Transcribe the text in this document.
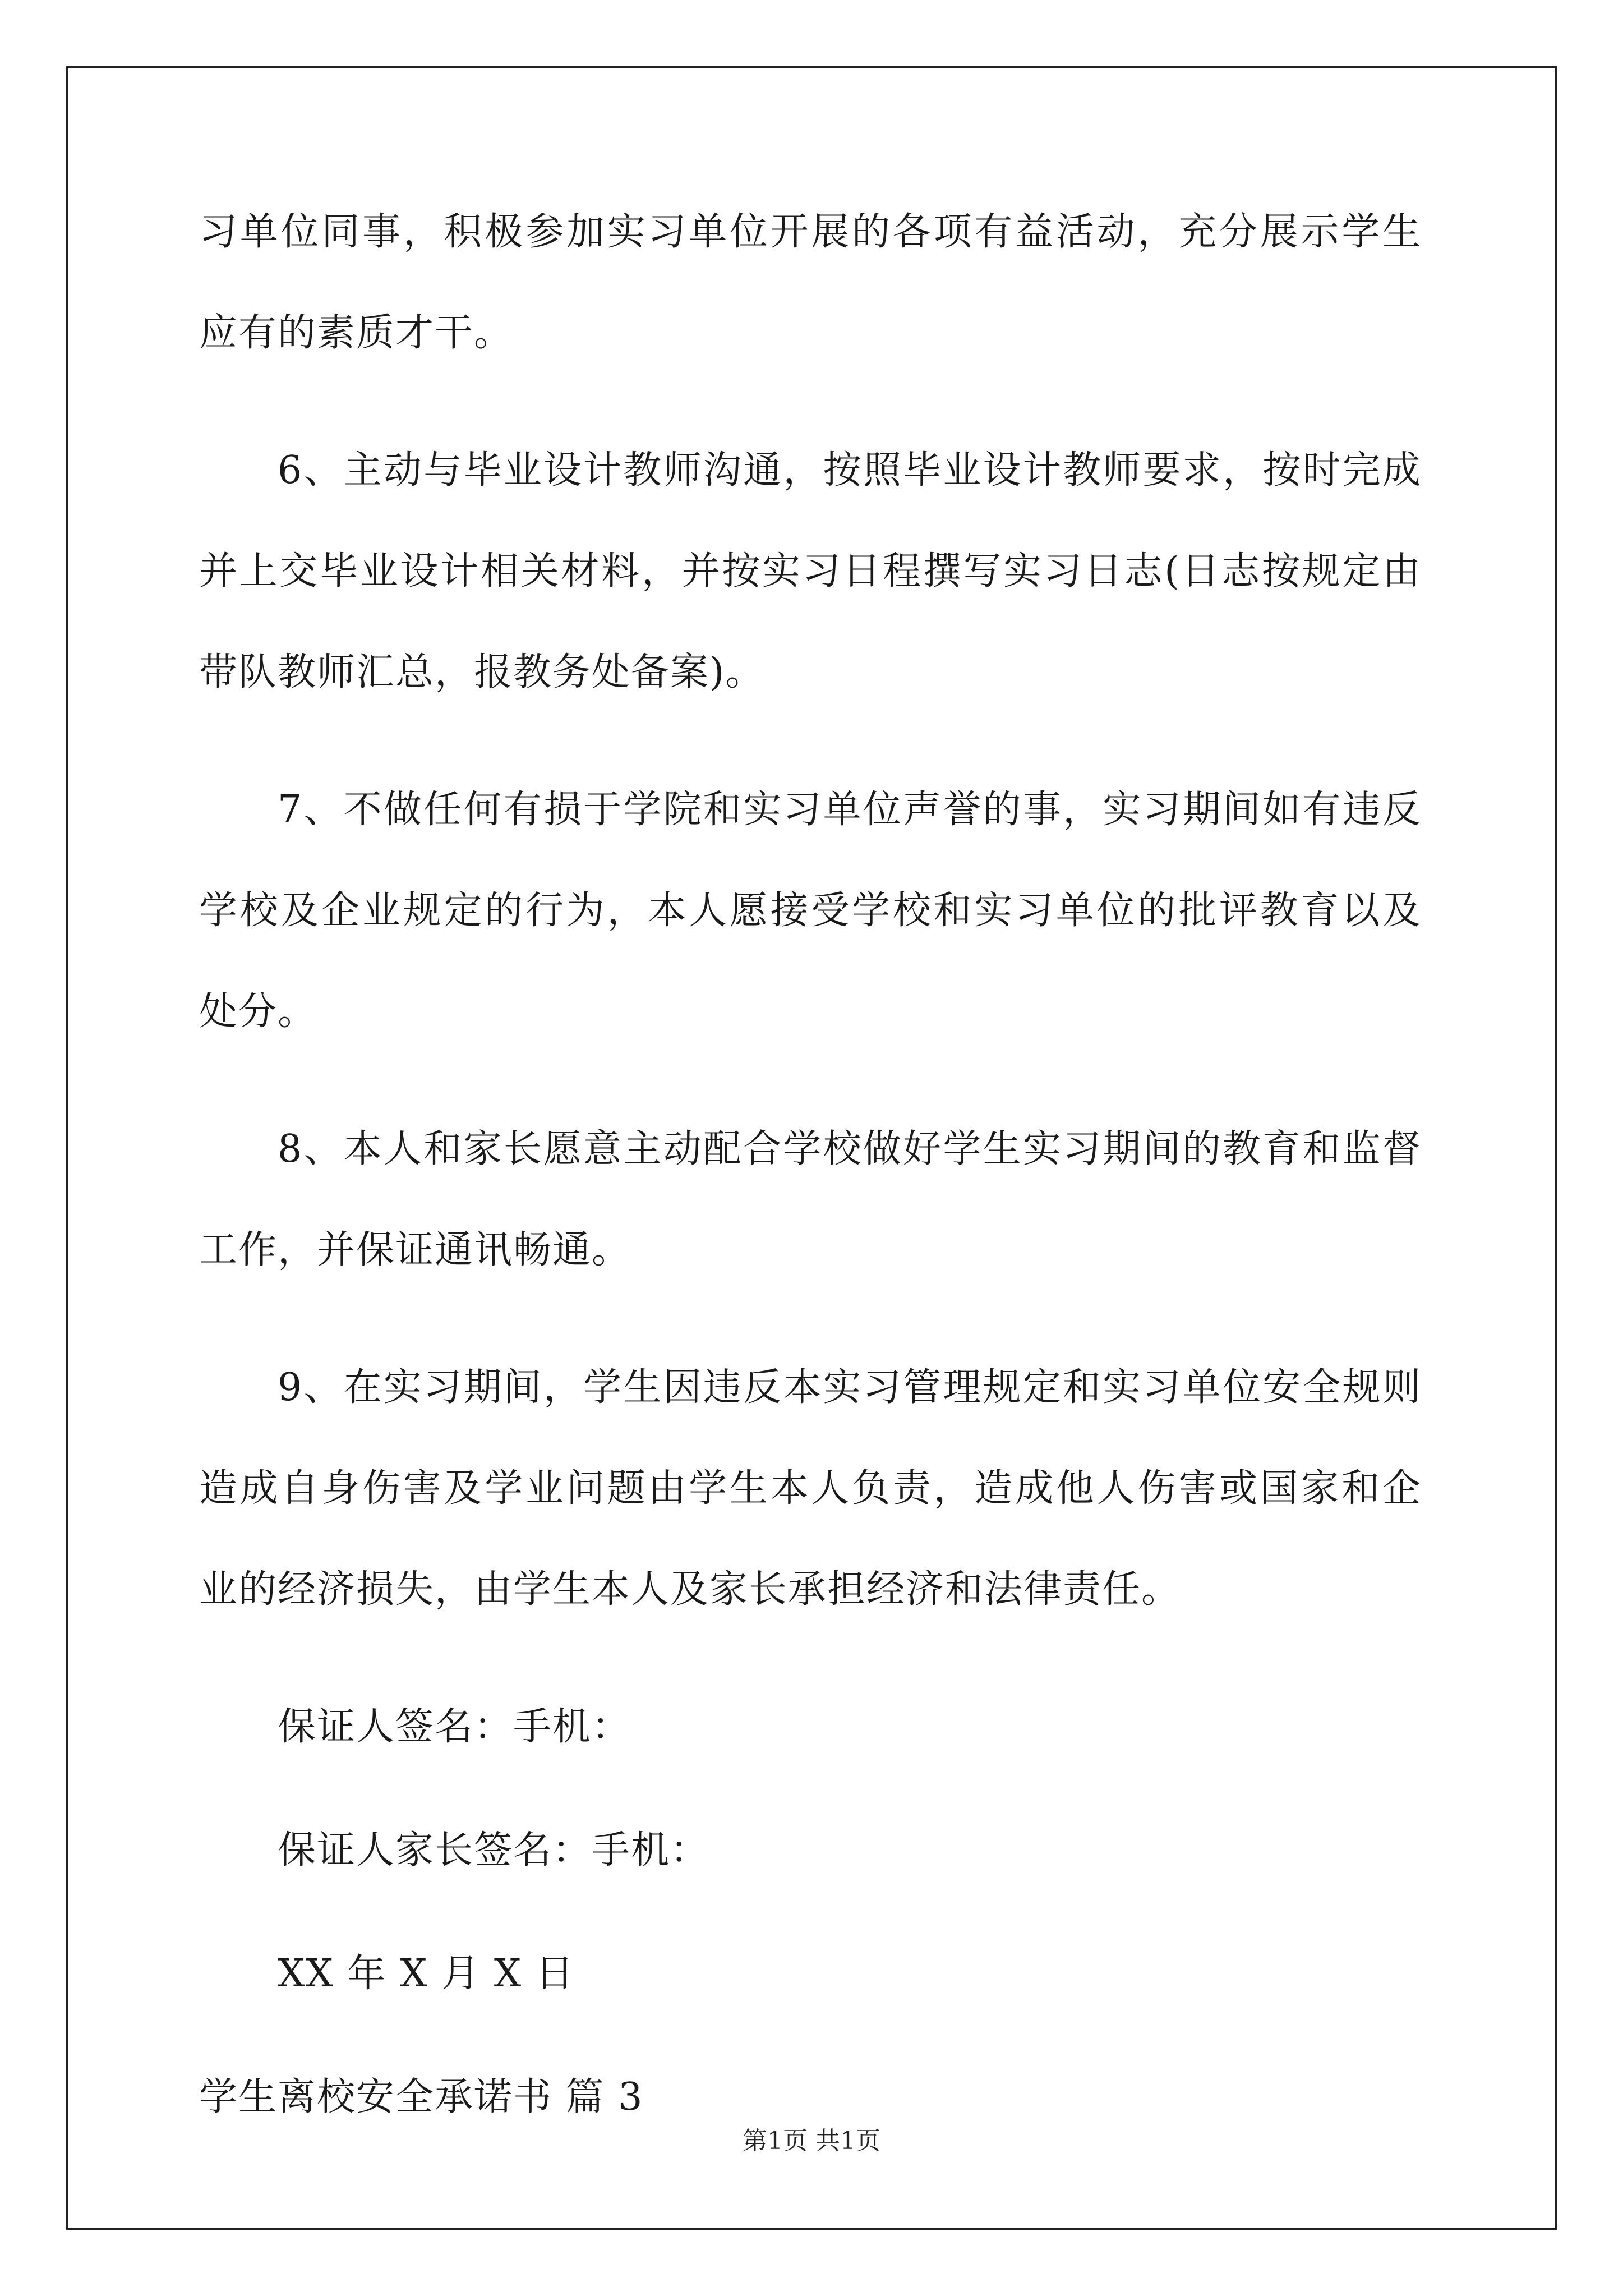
习单位同事，积极参加实习单位开展的各项有益活动，充分展示学生
应有的素质才干。
6、主动与毕业设计教师沟通，按照毕业设计教师要求，按时完成
并上交毕业设计相关材料，并按实习日程撰写实习日志(日志按规定由
带队教师汇总，报教务处备案)。
7、不做任何有损于学院和实习单位声誉的事，实习期间如有违反
学校及企业规定的行为，本人愿接受学校和实习单位的批评教育以及
处分。
8、本人和家长愿意主动配合学校做好学生实习期间的教育和监督
工作，并保证通讯畅通。
9、在实习期间，学生因违反本实习管理规定和实习单位安全规则
造成自身伤害及学业问题由学生本人负责，造成他人伤害或国家和企
业的经济损失，由学生本人及家长承担经济和法律责任。
保证人签名：手机：
保证人家长签名：手机：
XX 年 X 月 X 日
学生离校安全承诺书 篇 3
第1页 共1页
